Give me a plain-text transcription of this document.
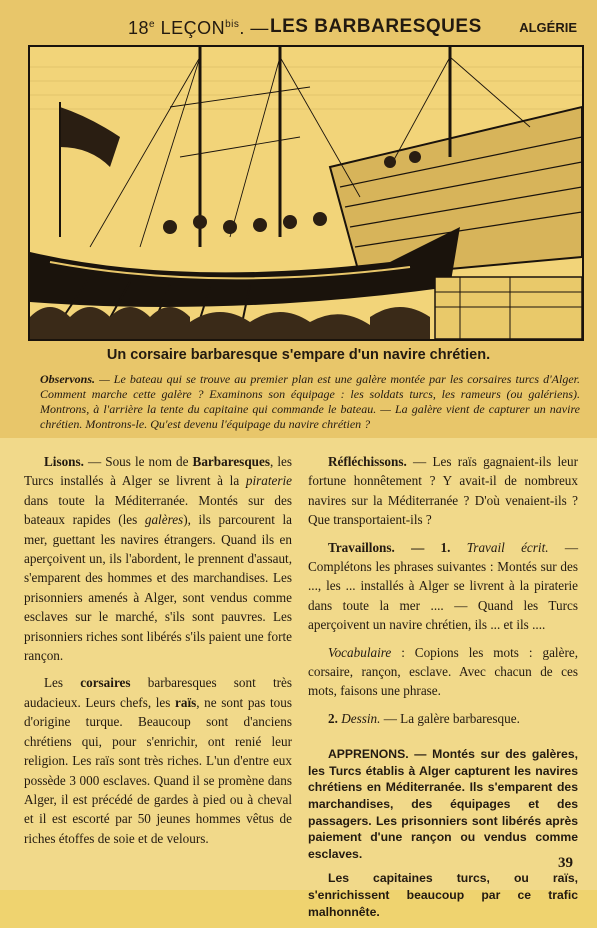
18e $LEÇON^{bis}$. — LES BARBARESQUES	ALGÉRIE
Un corsaire barbaresque s'empare d'un navire chrétien.
Observons. — Le bateau qui se trouve au premier plan est une galère montée par les corsaires turcs d'Alger. Comment marche cette galère ? Examinons son équipage : les soldats turcs, les rameurs (ou galériens). Montrons, à l'arrière la tente du capitaine qui commande le bateau. — La galère vient de capturer un navire chrétien. Montrons-le. Qu'est devenu l'équipage du navire chrétien ?

Lisons. — Sous le nom de Barbaresques, les Turcs installés à Alger se livrent à la piraterie dans toute la Méditerranée. Montés sur des bateaux rapides (les galères), ils parcourent la mer, guettant les navires étrangers. Quand ils en aperçoivent un, ils l'abordent, le prennent d'assaut, s'emparent des hommes et des marchandises. Les prisonniers amenés à Alger, sont vendus comme esclaves sur le marché, s'ils sont pauvres. Les prisonniers riches sont libérés s'ils paient une forte rançon.

Les corsaires barbaresques sont très audacieux. Leurs chefs, les raïs, ne sont pas tous d'origine turque. Beaucoup sont d'anciens chrétiens qui, pour s'enrichir, ont renié leur religion. Les raïs sont très riches. L'un d'entre eux possède 3 000 esclaves. Quand il se promène dans Alger, il est précédé de gardes à pied ou à cheval et il est escorté par 50 jeunes hommes vêtus de riches étoffes de soie et de velours.

Réfléchissons. — Les raïs gagnaient-ils leur fortune honnêtement ? Y avait-il de nombreux navires sur la Méditerranée ? D'où venaient-ils ? Que transportaient-ils ?

Travaillons. — 1. Travail écrit. — Complétons les phrases suivantes : Montés sur des ..., les ... installés à Alger se livrent à la piraterie dans toute la mer .... — Quand les Turcs aperçoivent un navire chrétien, ils ... et ils ....

Vocabulaire : Copions les mots : galère, corsaire, rançon, esclave. Avec chacun de ces mots, faisons une phrase.

2. Dessin. — La galère barbaresque.

APPRENONS. — Montés sur des galères, les Turcs établis à Alger capturent les navires chrétiens en Méditerranée. Ils s'emparent des marchandises, des équipages et des passagers. Les prisonniers sont libérés après paiement d'une rançon ou vendus comme esclaves.

Les capitaines turcs, ou raïs, s'enrichissent beaucoup par ce trafic malhonnête.

39
